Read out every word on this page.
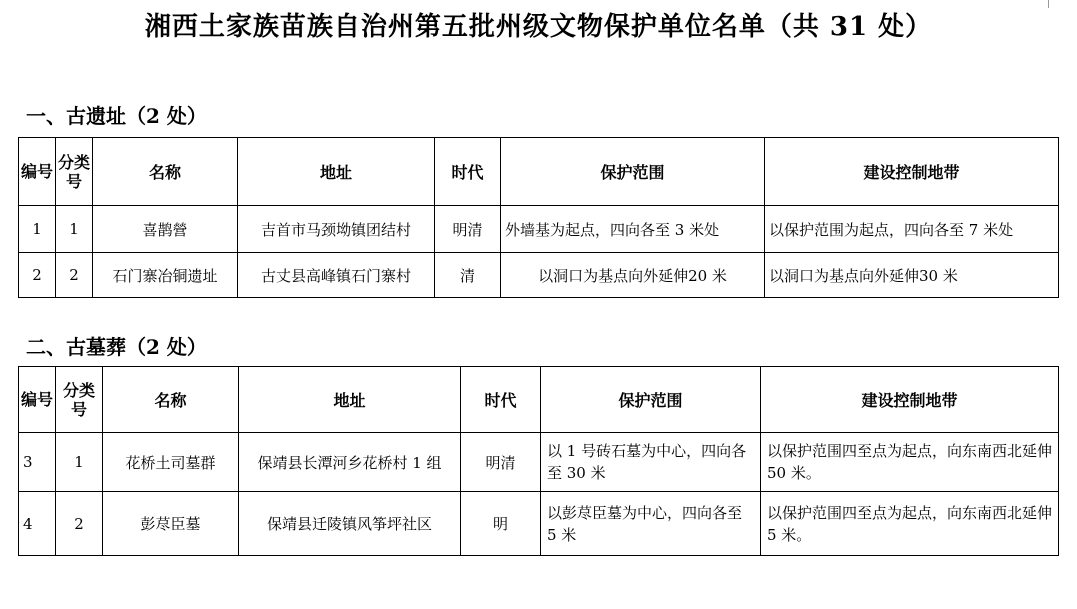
湘西土家族苗族自治州第五批州级文物保护单位名单（共 31 处）
一、古遗址（2 处）
编号	分类号	名称	地址	时代	保护范围	建设控制地带
1	1	喜鹊營	吉首市马颈坳镇团结村	明清	外墙基为起点，四向各至 3 米处	以保护范围为起点，四向各至 7 米处
2	2	石门寨冶铜遗址	古丈县高峰镇石门寨村	清	以洞口为基点向外延伸20 米	以洞口为基点向外延伸30 米
二、古墓葬（2 处）
编号	分类号	名称	地址	时代	保护范围	建设控制地带
3	1	花桥土司墓群	保靖县长潭河乡花桥村 1 组	明清	以 1 号砖石墓为中心，四向各至 30 米	以保护范围四至点为起点，向东南西北延伸 50 米。
4	2	彭荩臣墓	保靖县迁陵镇风筝坪社区	明	以彭荩臣墓为中心，四向各至 5 米	以保护范围四至点为起点，向东南西北延伸 5 米。
